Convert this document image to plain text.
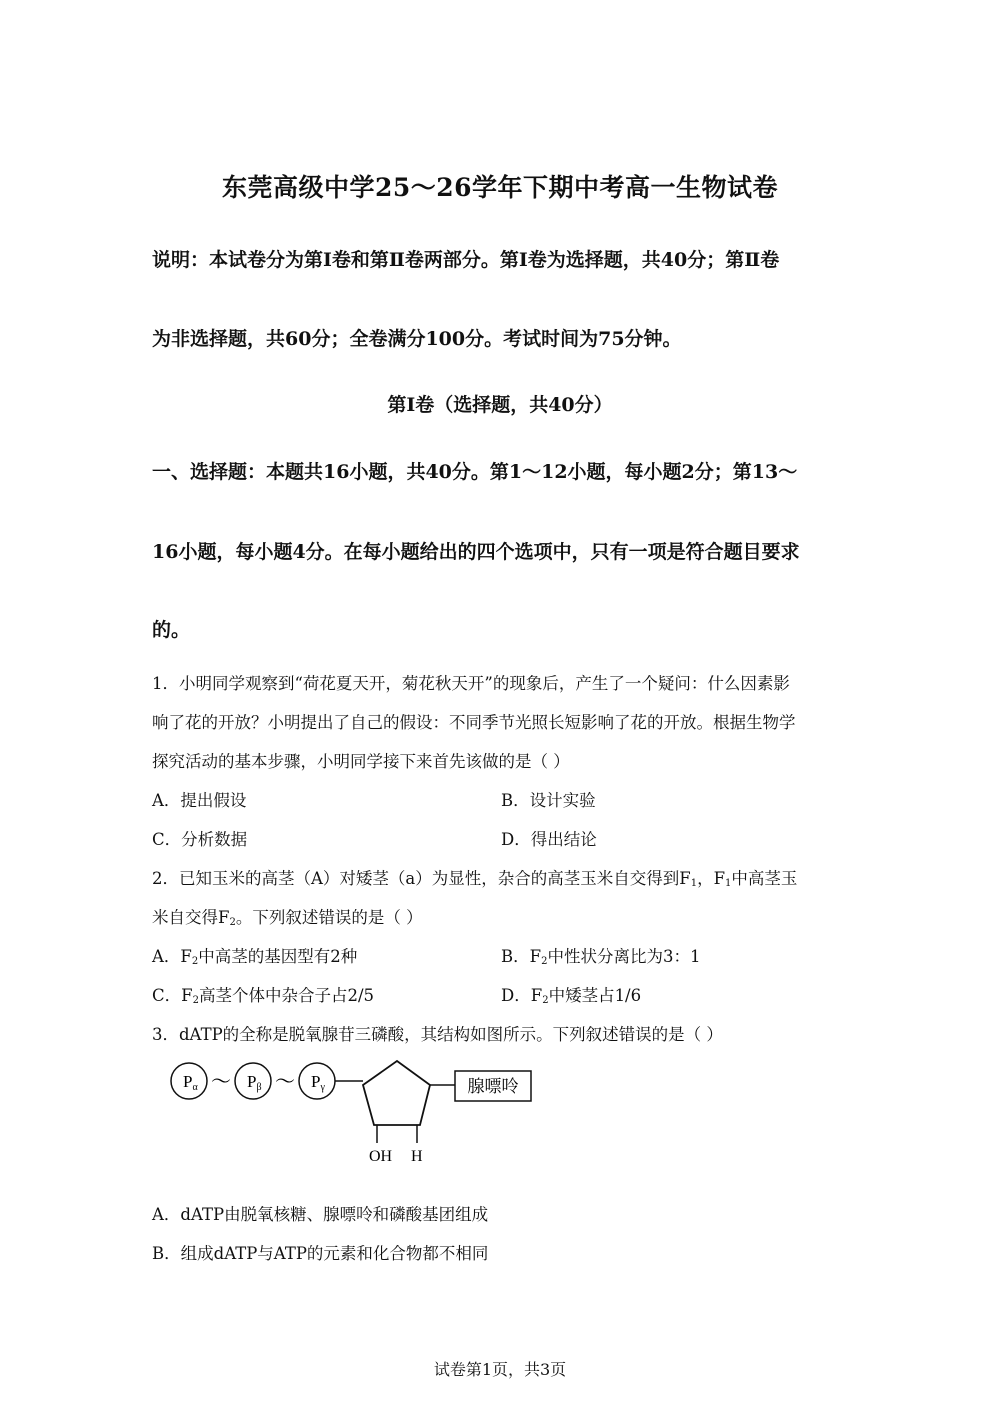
东莞高级中学25～26学年下期中考高一生物试卷
说明：本试卷分为第Ⅰ卷和第Ⅱ卷两部分。第Ⅰ卷为选择题，共40分；第Ⅱ卷
为非选择题，共60分；全卷满分100分。考试时间为75分钟。
第Ⅰ卷（选择题，共40分）
一、选择题：本题共16小题，共40分。第1～12小题，每小题2分；第13～
16小题，每小题4分。在每小题给出的四个选项中，只有一项是符合题目要求
的。
1．小明同学观察到“荷花夏天开，菊花秋天开”的现象后，产生了一个疑问：什么因素影
响了花的开放？小明提出了自己的假设：不同季节光照长短影响了花的开放。根据生物学
探究活动的基本步骤，小明同学接下来首先该做的是（ ）
A．提出假设	B．设计实验
C．分析数据	D．得出结论
2．已知玉米的高茎（A）对矮茎（a）为显性，杂合的高茎玉米自交得到$F_1$，$F_1$中高茎玉
米自交得$F_2$。下列叙述错误的是（ ）
A．$F_2$中高茎的基因型有2种	B．$F_2$中性状分离比为3：1
C．$F_2$高茎个体中杂合子占2/5	D．$F_2$中矮茎占1/6
3．dATP的全称是脱氧腺苷三磷酸，其结构如图所示。下列叙述错误的是（ ）
Pα ～ Pβ ～ Pγ	腺嘌呤
OH H
A．dATP由脱氧核糖、腺嘌呤和磷酸基团组成
B．组成dATP与ATP的元素和化合物都不相同
试卷第1页，共3页
